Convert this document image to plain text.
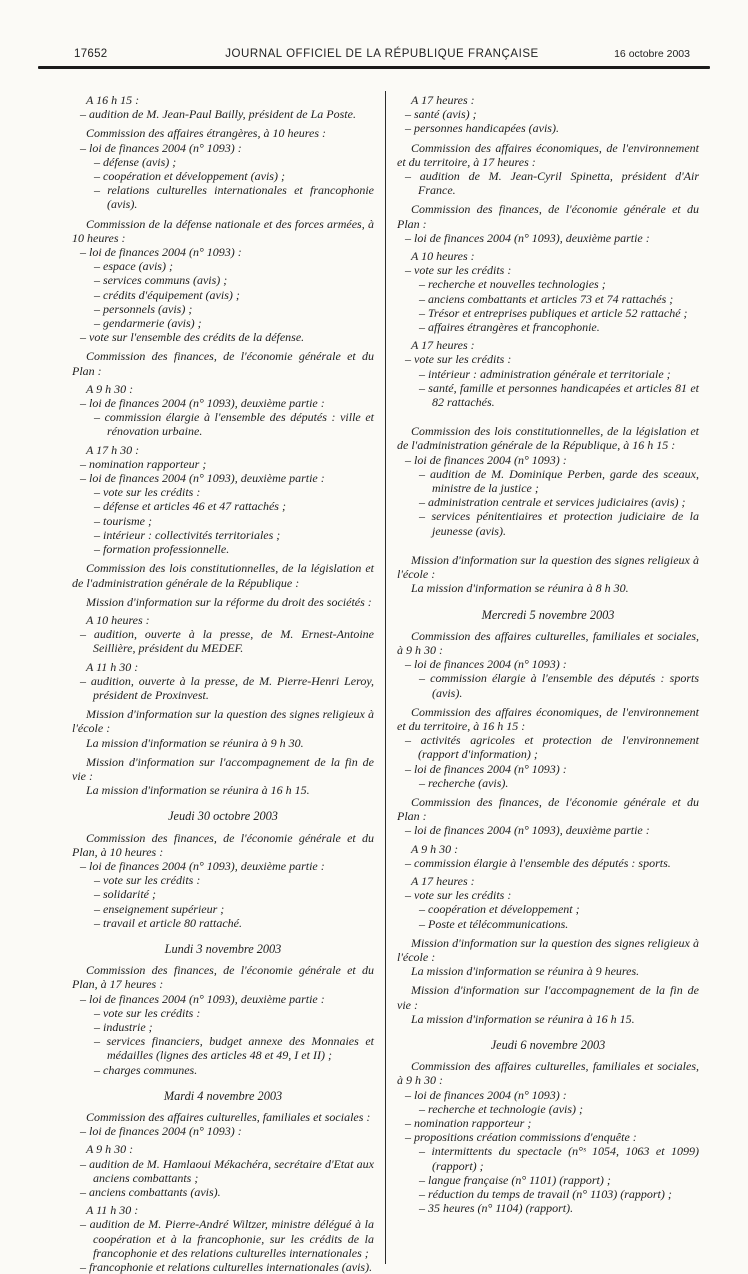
17652	JOURNAL OFFICIEL DE LA RÉPUBLIQUE FRANÇAISE	16 octobre 2003
A 16 h 15 :
– audition de M. Jean-Paul Bailly, président de La Poste.
Commission des affaires étrangères, à 10 heures :
– loi de finances 2004 (n° 1093) :
– défense (avis) ;
– coopération et développement (avis) ;
– relations culturelles internationales et francophonie (avis).
Commission de la défense nationale et des forces armées, à 10 heures :
– loi de finances 2004 (n° 1093) :
– espace (avis) ;
– services communs (avis) ;
– crédits d'équipement (avis) ;
– personnels (avis) ;
– gendarmerie (avis) ;
– vote sur l'ensemble des crédits de la défense.
Commission des finances, de l'économie générale et du Plan :
A 9 h 30 :
– loi de finances 2004 (n° 1093), deuxième partie :
– commission élargie à l'ensemble des députés : ville et rénovation urbaine.
A 17 h 30 :
– nomination rapporteur ;
– loi de finances 2004 (n° 1093), deuxième partie :
– vote sur les crédits :
– défense et articles 46 et 47 rattachés ;
– tourisme ;
– intérieur : collectivités territoriales ;
– formation professionnelle.
Commission des lois constitutionnelles, de la législation et de l'administration générale de la République :
Mission d'information sur la réforme du droit des sociétés :
A 10 heures :
– audition, ouverte à la presse, de M. Ernest-Antoine Seillière, président du MEDEF.
A 11 h 30 :
– audition, ouverte à la presse, de M. Pierre-Henri Leroy, président de Proxinvest.
Mission d'information sur la question des signes religieux à l'école :
La mission d'information se réunira à 9 h 30.
Mission d'information sur l'accompagnement de la fin de vie :
La mission d'information se réunira à 16 h 15.
Jeudi 30 octobre 2003
Commission des finances, de l'économie générale et du Plan, à 10 heures :
– loi de finances 2004 (n° 1093), deuxième partie :
– vote sur les crédits :
– solidarité ;
– enseignement supérieur ;
– travail et article 80 rattaché.
Lundi 3 novembre 2003
Commission des finances, de l'économie générale et du Plan, à 17 heures :
– loi de finances 2004 (n° 1093), deuxième partie :
– vote sur les crédits :
– industrie ;
– services financiers, budget annexe des Monnaies et médailles (lignes des articles 48 et 49, I et II) ;
– charges communes.
Mardi 4 novembre 2003
Commission des affaires culturelles, familiales et sociales :
– loi de finances 2004 (n° 1093) :
A 9 h 30 :
– audition de M. Hamlaoui Mékachéra, secrétaire d'Etat aux anciens combattants ;
– anciens combattants (avis).
A 11 h 30 :
– audition de M. Pierre-André Wiltzer, ministre délégué à la coopération et à la francophonie, sur les crédits de la francophonie et des relations culturelles internationales ;
– francophonie et relations culturelles internationales (avis).
A 17 heures :
– santé (avis) ;
– personnes handicapées (avis).
Commission des affaires économiques, de l'environnement et du territoire, à 17 heures :
– audition de M. Jean-Cyril Spinetta, président d'Air France.
Commission des finances, de l'économie générale et du Plan :
– loi de finances 2004 (n° 1093), deuxième partie :
A 10 heures :
– vote sur les crédits :
– recherche et nouvelles technologies ;
– anciens combattants et articles 73 et 74 rattachés ;
– Trésor et entreprises publiques et article 52 rattaché ;
– affaires étrangères et francophonie.
A 17 heures :
– vote sur les crédits :
– intérieur : administration générale et territoriale ;
– santé, famille et personnes handicapées et articles 81 et 82 rattachés.
Commission des lois constitutionnelles, de la législation et de l'administration générale de la République, à 16 h 15 :
– loi de finances 2004 (n° 1093) :
– audition de M. Dominique Perben, garde des sceaux, ministre de la justice ;
– administration centrale et services judiciaires (avis) ;
– services pénitentiaires et protection judiciaire de la jeunesse (avis).
Mission d'information sur la question des signes religieux à l'école :
La mission d'information se réunira à 8 h 30.
Mercredi 5 novembre 2003
Commission des affaires culturelles, familiales et sociales, à 9 h 30 :
– loi de finances 2004 (n° 1093) :
– commission élargie à l'ensemble des députés : sports (avis).
Commission des affaires économiques, de l'environnement et du territoire, à 16 h 15 :
– activités agricoles et protection de l'environnement (rapport d'information) ;
– loi de finances 2004 (n° 1093) :
– recherche (avis).
Commission des finances, de l'économie générale et du Plan :
– loi de finances 2004 (n° 1093), deuxième partie :
A 9 h 30 :
– commission élargie à l'ensemble des députés : sports.
A 17 heures :
– vote sur les crédits :
– coopération et développement ;
– Poste et télécommunications.
Mission d'information sur la question des signes religieux à l'école :
La mission d'information se réunira à 9 heures.
Mission d'information sur l'accompagnement de la fin de vie :
La mission d'information se réunira à 16 h 15.
Jeudi 6 novembre 2003
Commission des affaires culturelles, familiales et sociales, à 9 h 30 :
– loi de finances 2004 (n° 1093) :
– recherche et technologie (avis) ;
– nomination rapporteur ;
– propositions création commissions d'enquête :
– intermittents du spectacle (n°ˢ 1054, 1063 et 1099) (rapport) ;
– langue française (n° 1101) (rapport) ;
– réduction du temps de travail (n° 1103) (rapport) ;
– 35 heures (n° 1104) (rapport).
